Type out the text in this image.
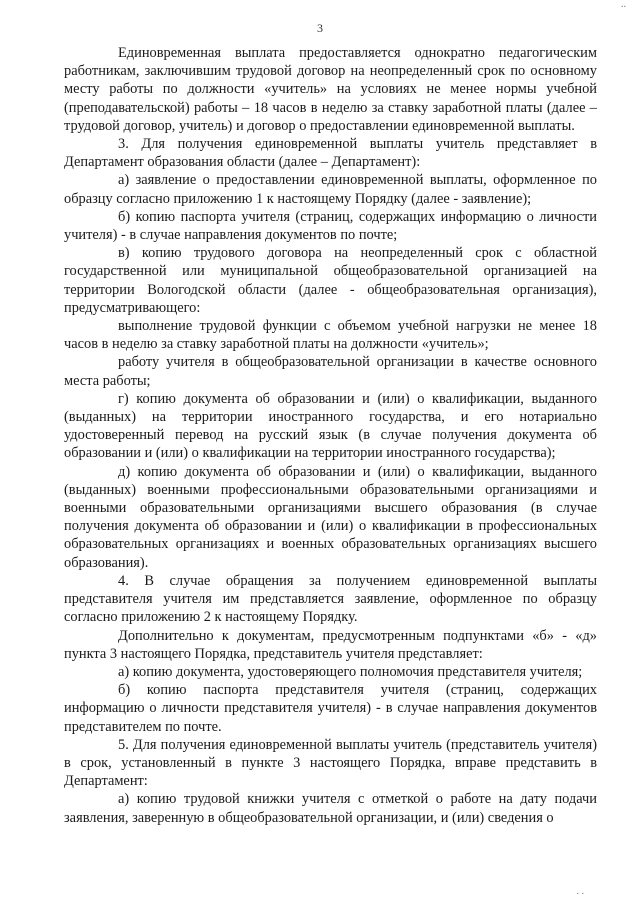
..
3

Единовременная выплата предоставляется однократно педагогическим работникам, заключившим трудовой договор на неопределенный срок по основному месту работы по должности «учитель» на условиях не менее нормы учебной (преподавательской) работы – 18 часов в неделю за ставку заработной платы (далее – трудовой договор, учитель) и договор о предоставлении единовременной выплаты.

3. Для получения единовременной выплаты учитель представляет в Департамент образования области (далее – Департамент):

а) заявление о предоставлении единовременной выплаты, оформленное по образцу согласно приложению 1 к настоящему Порядку (далее - заявление);

б) копию паспорта учителя (страниц, содержащих информацию о личности учителя) - в случае направления документов по почте;

в) копию трудового договора на неопределенный срок с областной государственной или муниципальной общеобразовательной организацией на территории Вологодской области (далее - общеобразовательная организация), предусматривающего:

выполнение трудовой функции с объемом учебной нагрузки не менее 18 часов в неделю за ставку заработной платы на должности «учитель»;

работу учителя в общеобразовательной организации в качестве основного места работы;

г) копию документа об образовании и (или) о квалификации, выданного (выданных) на территории иностранного государства, и его нотариально удостоверенный перевод на русский язык (в случае получения документа об образовании и (или) о квалификации на территории иностранного государства);

д) копию документа об образовании и (или) о квалификации, выданного (выданных) военными профессиональными образовательными организациями и военными образовательными организациями высшего образования (в случае получения документа об образовании и (или) о квалификации в профессиональных образовательных организациях и военных образовательных организациях высшего образования).

4. В случае обращения за получением единовременной выплаты представителя учителя им представляется заявление, оформленное по образцу согласно приложению 2 к настоящему Порядку.

Дополнительно к документам, предусмотренным подпунктами «б» - «д» пункта 3 настоящего Порядка, представитель учителя представляет:

а) копию документа, удостоверяющего полномочия представителя учителя;

б) копию паспорта представителя учителя (страниц, содержащих информацию о личности представителя учителя) - в случае направления документов представителем по почте.

5. Для получения единовременной выплаты учитель (представитель учителя) в срок, установленный в пункте 3 настоящего Порядка, вправе представить в Департамент:

а) копию трудовой книжки учителя с отметкой о работе на дату подачи заявления, заверенную в общеобразовательной организации, и (или) сведения о

. .
